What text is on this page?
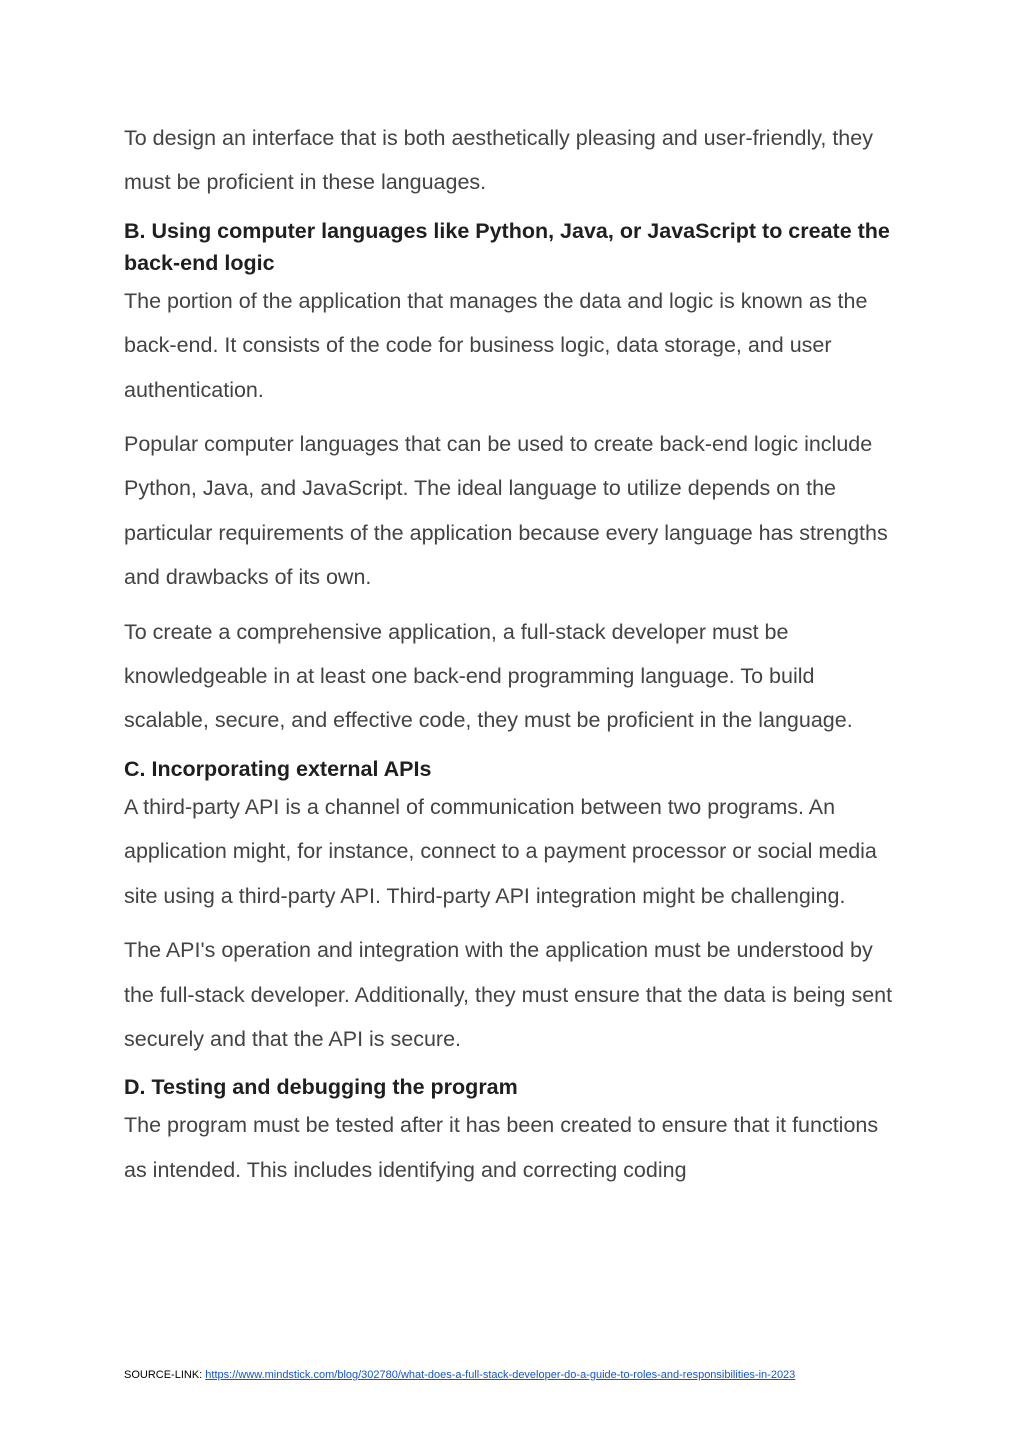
To design an interface that is both aesthetically pleasing and user-friendly, they must be proficient in these languages.

B. Using computer languages like Python, Java, or JavaScript to create the back-end logic

The portion of the application that manages the data and logic is known as the back-end. It consists of the code for business logic, data storage, and user authentication.

Popular computer languages that can be used to create back-end logic include Python, Java, and JavaScript. The ideal language to utilize depends on the particular requirements of the application because every language has strengths and drawbacks of its own.

To create a comprehensive application, a full-stack developer must be knowledgeable in at least one back-end programming language. To build scalable, secure, and effective code, they must be proficient in the language.

C. Incorporating external APIs

A third-party API is a channel of communication between two programs. An application might, for instance, connect to a payment processor or social media site using a third-party API. Third-party API integration might be challenging.

The API's operation and integration with the application must be understood by the full-stack developer. Additionally, they must ensure that the data is being sent securely and that the API is secure.

D. Testing and debugging the program

The program must be tested after it has been created to ensure that it functions as intended. This includes identifying and correcting coding

SOURCE-LINK: https://www.mindstick.com/blog/302780/what-does-a-full-stack-developer-do-a-guide-to-roles-and-responsibilities-in-2023
